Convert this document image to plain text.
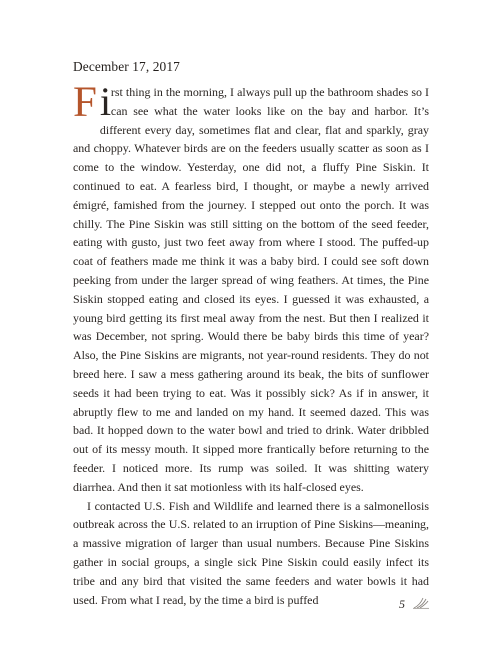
December 17, 2017

First thing in the morning, I always pull up the bathroom shades so I can see what the water looks like on the bay and harbor. It’s different every day, sometimes flat and clear, flat and sparkly, gray and choppy. Whatever birds are on the feeders usually scatter as soon as I come to the window. Yesterday, one did not, a fluffy Pine Siskin. It continued to eat. A fearless bird, I thought, or maybe a newly arrived émigré, famished from the journey. I stepped out onto the porch. It was chilly. The Pine Siskin was still sitting on the bottom of the seed feeder, eating with gusto, just two feet away from where I stood. The puffed-up coat of feathers made me think it was a baby bird. I could see soft down peeking from under the larger spread of wing feathers. At times, the Pine Siskin stopped eating and closed its eyes. I guessed it was exhausted, a young bird getting its first meal away from the nest. But then I realized it was December, not spring. Would there be baby birds this time of year? Also, the Pine Siskins are migrants, not year-round residents. They do not breed here. I saw a mess gathering around its beak, the bits of sunflower seeds it had been trying to eat. Was it possibly sick? As if in answer, it abruptly flew to me and landed on my hand. It seemed dazed. This was bad. It hopped down to the water bowl and tried to drink. Water dribbled out of its messy mouth. It sipped more frantically before returning to the feeder. I noticed more. Its rump was soiled. It was shitting watery diarrhea. And then it sat motionless with its half-closed eyes.

I contacted U.S. Fish and Wildlife and learned there is a salmonellosis outbreak across the U.S. related to an irruption of Pine Siskins—meaning, a massive migration of larger than usual numbers. Because Pine Siskins gather in social groups, a single sick Pine Siskin could easily infect its tribe and any bird that visited the same feeders and water bowls it had used. From what I read, by the time a bird is puffed	5
